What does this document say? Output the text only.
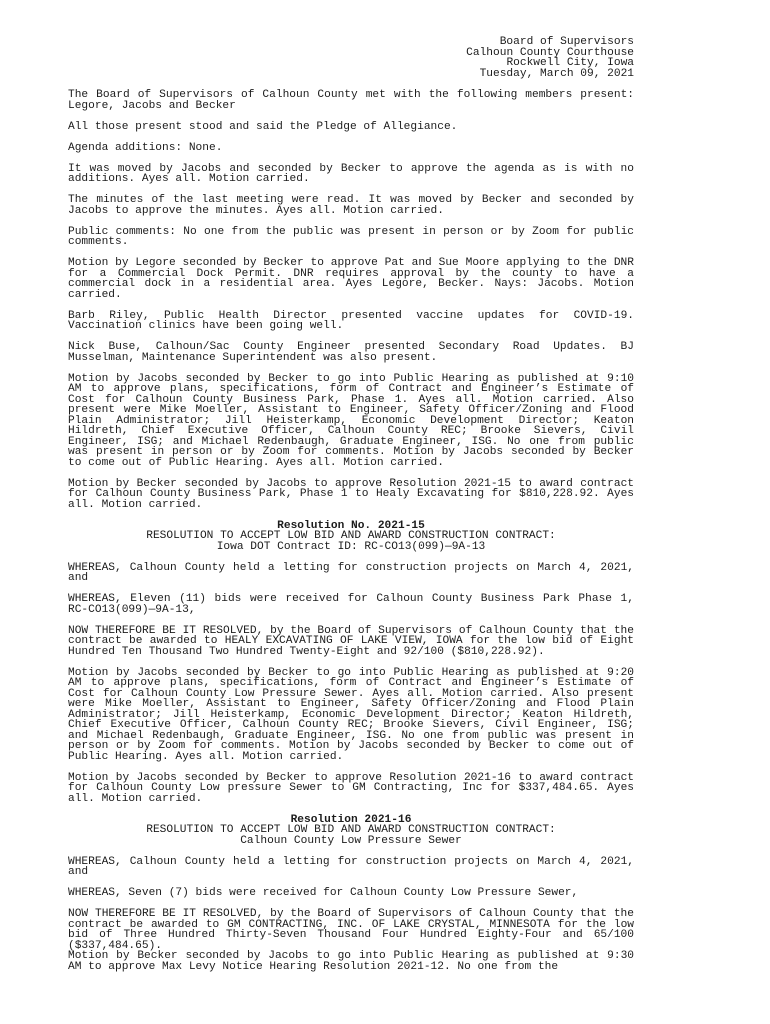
Board of Supervisors
Calhoun County Courthouse
Rockwell City, Iowa
Tuesday, March 09, 2021
The Board of Supervisors of Calhoun County met with the following members present: Legore, Jacobs and Becker
All those present stood and said the Pledge of Allegiance.
Agenda additions: None.
It was moved by Jacobs and seconded by Becker to approve the agenda as is with no additions. Ayes all. Motion carried.
The minutes of the last meeting were read. It was moved by Becker and seconded by Jacobs to approve the minutes. Ayes all. Motion carried.
Public comments: No one from the public was present in person or by Zoom for public comments.
Motion by Legore seconded by Becker to approve Pat and Sue Moore applying to the DNR for a Commercial Dock Permit. DNR requires approval by the county to have a commercial dock in a residential area. Ayes Legore, Becker. Nays: Jacobs. Motion carried.
Barb Riley, Public Health Director presented vaccine updates for COVID-19. Vaccination clinics have been going well.
Nick Buse, Calhoun/Sac County Engineer presented Secondary Road Updates. BJ Musselman, Maintenance Superintendent was also present.
Motion by Jacobs seconded by Becker to go into Public Hearing as published at 9:10 AM to approve plans, specifications, form of Contract and Engineer’s Estimate of Cost for Calhoun County Business Park, Phase 1. Ayes all. Motion carried. Also present were Mike Moeller, Assistant to Engineer, Safety Officer/Zoning and Flood Plain Administrator; Jill Heisterkamp, Economic Development Director; Keaton Hildreth, Chief Executive Officer, Calhoun County REC; Brooke Sievers, Civil Engineer, ISG; and Michael Redenbaugh, Graduate Engineer, ISG. No one from public was present in person or by Zoom for comments. Motion by Jacobs seconded by Becker to come out of Public Hearing. Ayes all. Motion carried.
Motion by Becker seconded by Jacobs to approve Resolution 2021-15 to award contract for Calhoun County Business Park, Phase 1 to Healy Excavating for $810,228.92. Ayes all. Motion carried.
Resolution No. 2021-15
RESOLUTION TO ACCEPT LOW BID AND AWARD CONSTRUCTION CONTRACT:
Iowa DOT Contract ID: RC-CO13(099)—9A-13
WHEREAS, Calhoun County held a letting for construction projects on March 4, 2021, and
WHEREAS, Eleven (11) bids were received for Calhoun County Business Park Phase 1, RC-CO13(099)—9A-13,
NOW THEREFORE BE IT RESOLVED, by the Board of Supervisors of Calhoun County that the contract be awarded to HEALY EXCAVATING OF LAKE VIEW, IOWA for the low bid of Eight Hundred Ten Thousand Two Hundred Twenty-Eight and 92/100 ($810,228.92).
Motion by Jacobs seconded by Becker to go into Public Hearing as published at 9:20 AM to approve plans, specifications, form of Contract and Engineer’s Estimate of Cost for Calhoun County Low Pressure Sewer. Ayes all. Motion carried. Also present were Mike Moeller, Assistant to Engineer, Safety Officer/Zoning and Flood Plain Administrator; Jill Heisterkamp, Economic Development Director; Keaton Hildreth, Chief Executive Officer, Calhoun County REC; Brooke Sievers, Civil Engineer, ISG; and Michael Redenbaugh, Graduate Engineer, ISG. No one from public was present in person or by Zoom for comments. Motion by Jacobs seconded by Becker to come out of Public Hearing. Ayes all. Motion carried.
Motion by Jacobs seconded by Becker to approve Resolution 2021-16 to award contract for Calhoun County Low pressure Sewer to GM Contracting, Inc for $337,484.65. Ayes all. Motion carried.
Resolution 2021-16
RESOLUTION TO ACCEPT LOW BID AND AWARD CONSTRUCTION CONTRACT:
Calhoun County Low Pressure Sewer
WHEREAS, Calhoun County held a letting for construction projects on March 4, 2021, and
WHEREAS, Seven (7) bids were received for Calhoun County Low Pressure Sewer,
NOW THEREFORE BE IT RESOLVED, by the Board of Supervisors of Calhoun County that the contract be awarded to GM CONTRACTING, INC. OF LAKE CRYSTAL, MINNESOTA for the low bid of Three Hundred Thirty-Seven Thousand Four Hundred Eighty-Four and 65/100 ($337,484.65).
Motion by Becker seconded by Jacobs to go into Public Hearing as published at 9:30 AM to approve Max Levy Notice Hearing Resolution 2021-12. No one from the
